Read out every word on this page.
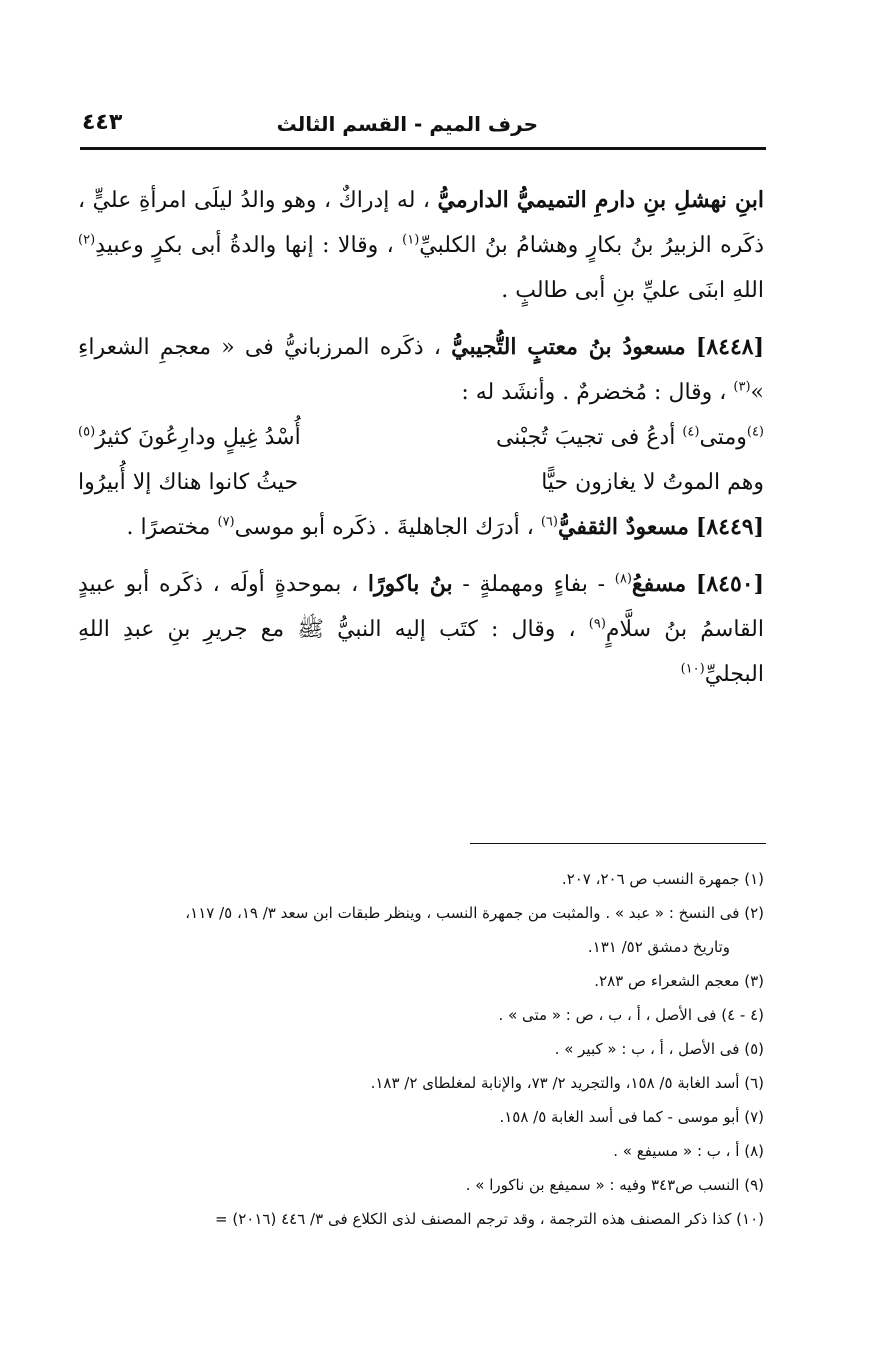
حرف الميم - القسم الثالث
٤٤٣

ابنِ نهشلِ بنِ دارمِ التميميُّ الدارميُّ ، له إدراكٌ ، وهو والدُ ليلَى امرأةِ عليٍّ ، ذكَره الزبيرُ بنُ بكارٍ وهشامُ بنُ الكلبيِّ$^{(١)}$ ، وقالا : إنها والدةُ أبى بكرٍ وعبيدِ$^{(٢)}$ اللهِ ابنَى عليِّ بنِ أبى طالبٍ .

[٨٤٤٨] مسعودُ بنُ معتبٍ التُّجيبيُّ ، ذكَره المرزبانيُّ فى « معجمِ الشعراءِ »$^{(٣)}$ ، وقال : مُخضرمٌ . وأنشَد له :

$^{(٤)}$ومتى$^{(٤)}$ أدعُ فى تجيبَ تُجبْنى
أُسْدُ غِيلٍ ودارِعُونَ كثيرُ$^{(٥)}$

وهم الموتُ لا يغازون حيًّا
حيثُ كانوا هناك إلا أُبيرُوا

[٨٤٤٩] مسعودٌ الثقفيُّ$^{(٦)}$ ، أدرَك الجاهليةَ . ذكَره أبو موسى$^{(٧)}$ مختصرًا .

[٨٤٥٠] مسفعُ$^{(٨)}$ - بفاءٍ ومهملةٍ - بنُ باكورًا ، بموحدةٍ أولَه ، ذكَره أبو عبيدٍ القاسمُ بنُ سلَّامٍ$^{(٩)}$ ، وقال : كتَب إليه النبيُّ ﷺ مع جريرِ بنِ عبدِ اللهِ البجليِّ$^{(١٠)}$

(١) جمهرة النسب ص ٢٠٦، ٢٠٧.
(٢) فى النسخ : « عبد » . والمثبت من جمهرة النسب ، وينظر طبقات ابن سعد ٣/ ١٩، ٥/ ١١٧،
وتاريخ دمشق ٥٢/ ١٣١.
(٣) معجم الشعراء ص ٢٨٣.
(٤ - ٤) فى الأصل ، أ ، ب ، ص : « متى » .
(٥) فى الأصل ، أ ، ب : « كبير » .
(٦) أسد الغابة ٥/ ١٥٨، والتجريد ٢/ ٧٣، والإنابة لمغلطاى ٢/ ١٨٣.
(٧) أبو موسى - كما فى أسد الغابة ٥/ ١٥٨.
(٨) أ ، ب : « مسيفع » .
(٩) النسب ص٣٤٣ وفيه : « سميفع بن ناكورا » .
(١٠) كذا ذكر المصنف هذه الترجمة ، وقد ترجم المصنف لذى الكلاع فى ٣/ ٤٤٦ (٢٠١٦) =
